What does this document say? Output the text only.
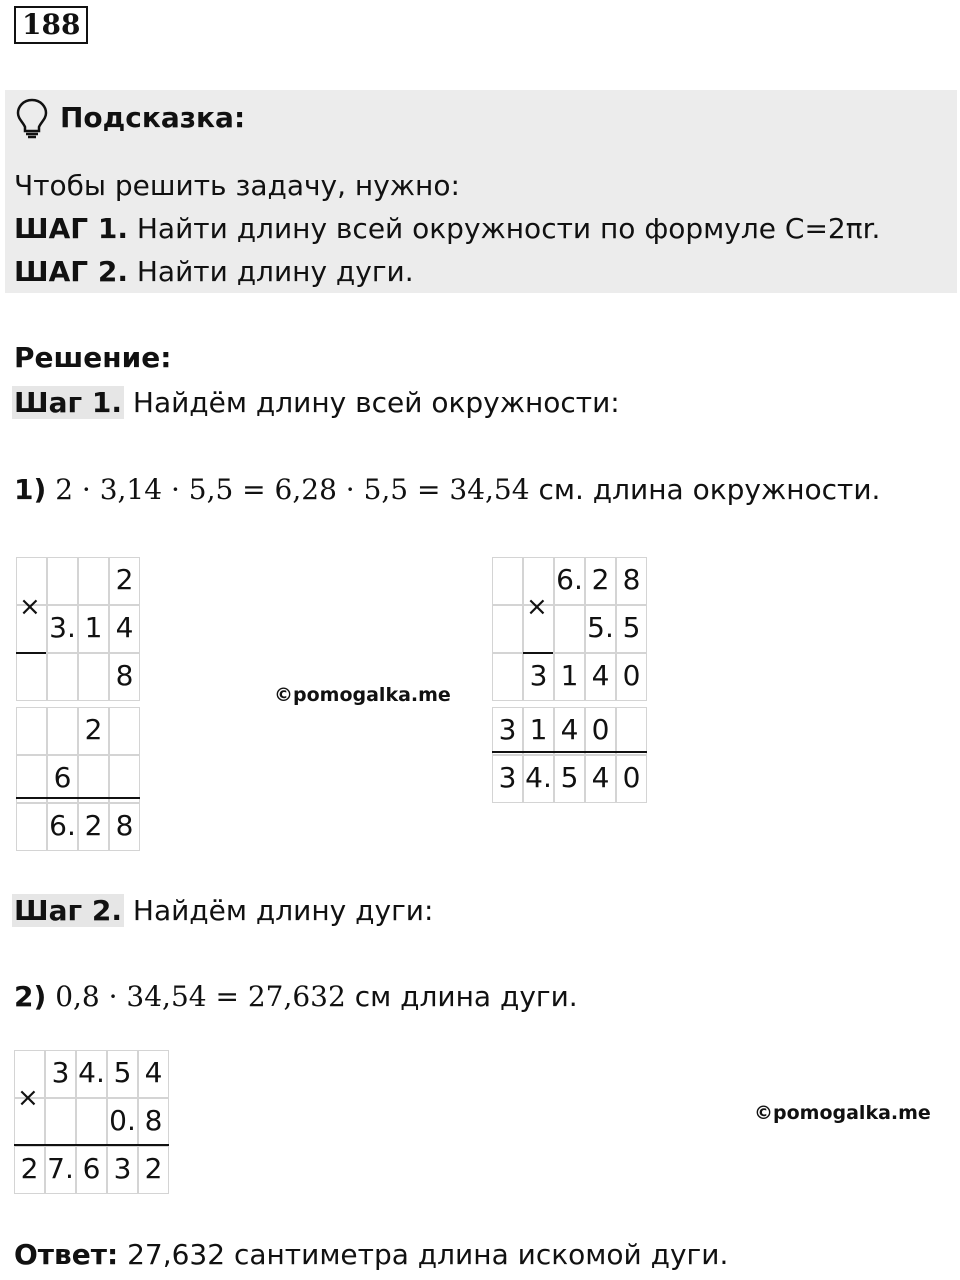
188
Подсказка:
Чтобы решить задачу, нужно:
ШАГ 1. Найти длину всей окружности по формуле C=2πr.
ШАГ 2. Найти длину дуги.
Решение:
Шаг 1. Найдём длину всей окружности:
1) 2 · 3,14 · 5,5 = 6,28 · 5,5 = 34,54 см. длина окружности.
2
3. 1 4
8
2
6
6. 2 8
×
6. 2 8
5. 5
3 1 4 0
3 1 4 0
3 4. 5 4 0
×
©pomogalka.me
Шаг 2. Найдём длину дуги:
2) 0,8 · 34,54 = 27,632 см длина дуги.
3 4. 5 4
0. 8
2 7. 6 3 2
×	©pomogalka.me
Ответ: 27,632 сантиметра длина искомой дуги.
